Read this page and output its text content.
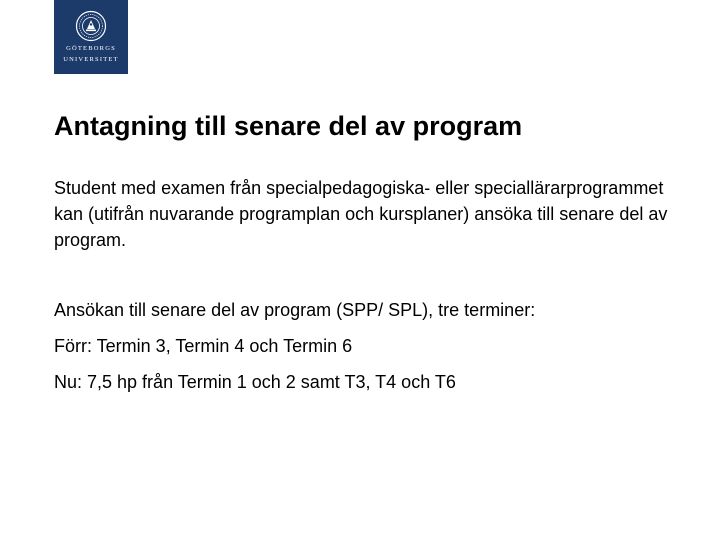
GÖTEBORGS
UNIVERSITET
Antagning till senare del av program

Student med examen från specialpedagogiska- eller speciallärarprogrammet kan (utifrån nuvarande programplan och kursplaner) ansöka till senare del av program.

Ansökan till senare del av program (SPP/ SPL), tre terminer:

Förr: Termin 3, Termin 4 och Termin 6

Nu: 7,5 hp från Termin 1 och 2 samt T3, T4 och T6
